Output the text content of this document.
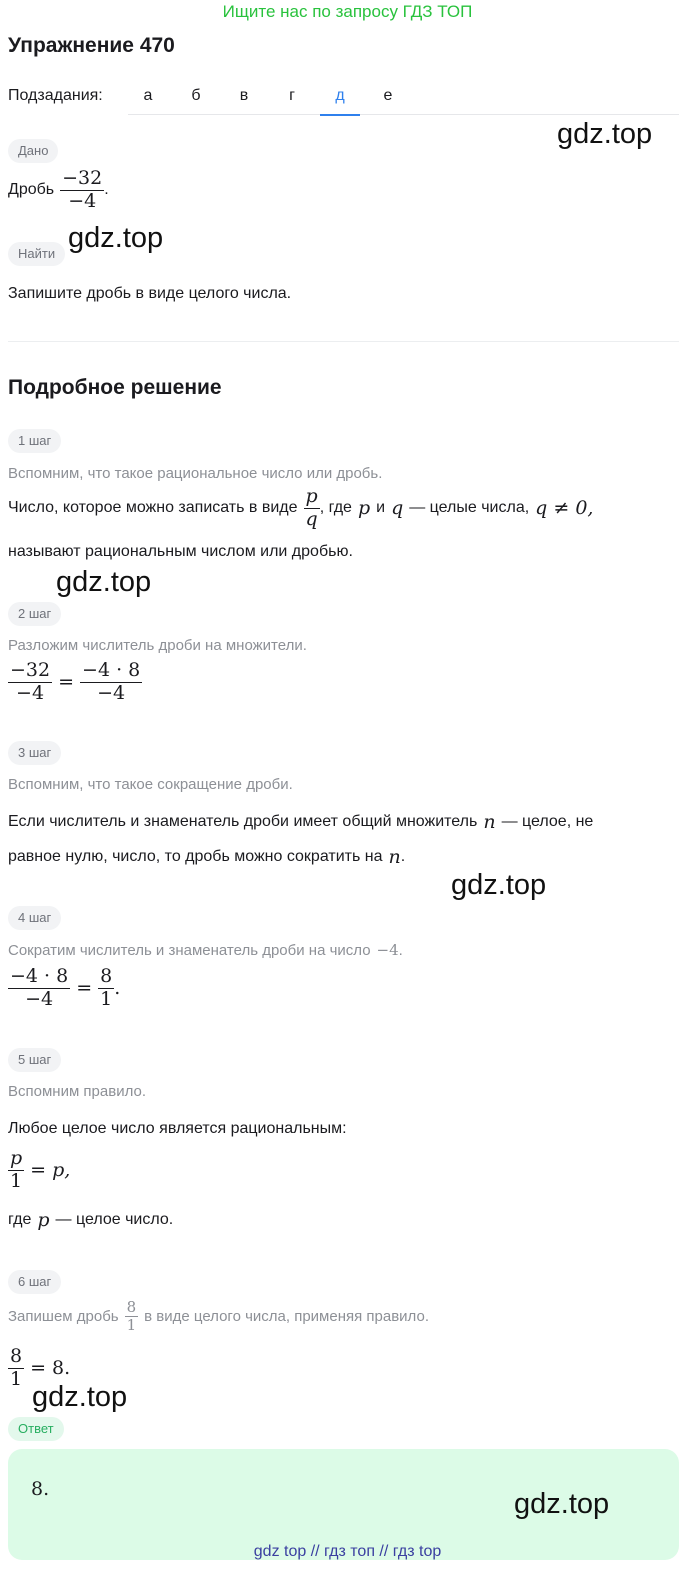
Ищите нас по запросу ГДЗ ТОП
Упражнение 470
Подзадания:	а	б	в	г	д	е
gdz.top
Дано
Дробь $\frac{-32}{-4}$ .
gdz.top
Найти
Запишите дробь в виде целого числа.
Подробное решение
1 шаг
Вспомним, что такое рациональное число или дробь.
Число, которое можно записать в виде $\frac{p}{q}$ , где p и q — целые числа, q ≠ 0,
называют рациональным числом или дробью.
gdz.top
2 шаг
Разложим числитель дроби на множители.
$\frac{-32}{-4} = \frac{-4 \cdot 8}{-4}$
3 шаг
Вспомним, что такое сокращение дроби.
Если числитель и знаменатель дроби имеет общий множитель n — целое, не
равное нулю, число, то дробь можно сократить на n .
gdz.top
4 шаг
Сократим числитель и знаменатель дроби на число −4 .
$\frac{-4 \cdot 8}{-4} = \frac{8}{1}$ .
5 шаг
Вспомним правило.
Любое целое число является рациональным:
$\frac{p}{1} = p$,
где p — целое число.
6 шаг
Запишем дробь $\frac{8}{1}$ в виде целого числа, применяя правило.
$\frac{8}{1} = 8$.
gdz.top
Ответ
8.	gdz.top
gdz top // гдз топ // гдз top
